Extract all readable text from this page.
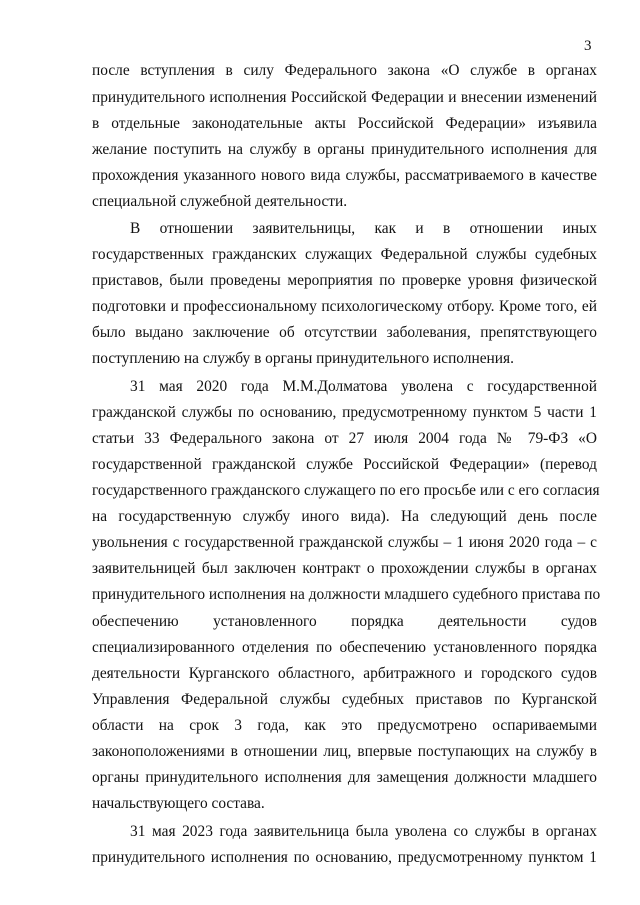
3
после вступления в силу Федерального закона «О службе в органах
принудительного исполнения Российской Федерации и внесении изменений
в отдельные законодательные акты Российской Федерации» изъявила
желание поступить на службу в органы принудительного исполнения для
прохождения указанного нового вида службы, рассматриваемого в качестве
специальной служебной деятельности.
В отношении заявительницы, как и в отношении иных
государственных гражданских служащих Федеральной службы судебных
приставов, были проведены мероприятия по проверке уровня физической
подготовки и профессиональному психологическому отбору. Кроме того, ей
было выдано заключение об отсутствии заболевания, препятствующего
поступлению на службу в органы принудительного исполнения.
31 мая 2020 года М.М.Долматова уволена с государственной
гражданской службы по основанию, предусмотренному пунктом 5 части 1
статьи 33 Федерального закона от 27 июля 2004 года № 79-ФЗ «О
государственной гражданской службе Российской Федерации» (перевод
государственного гражданского служащего по его просьбе или с его согласия
на государственную службу иного вида). На следующий день после
увольнения с государственной гражданской службы – 1 июня 2020 года – с
заявительницей был заключен контракт о прохождении службы в органах
принудительного исполнения на должности младшего судебного пристава по
обеспечению установленного порядка деятельности судов
специализированного отделения по обеспечению установленного порядка
деятельности Курганского областного, арбитражного и городского судов
Управления Федеральной службы судебных приставов по Курганской
области на срок 3 года, как это предусмотрено оспариваемыми
законоположениями в отношении лиц, впервые поступающих на службу в
органы принудительного исполнения для замещения должности младшего
начальствующего состава.
31 мая 2023 года заявительница была уволена со службы в органах
принудительного исполнения по основанию, предусмотренному пунктом 1
